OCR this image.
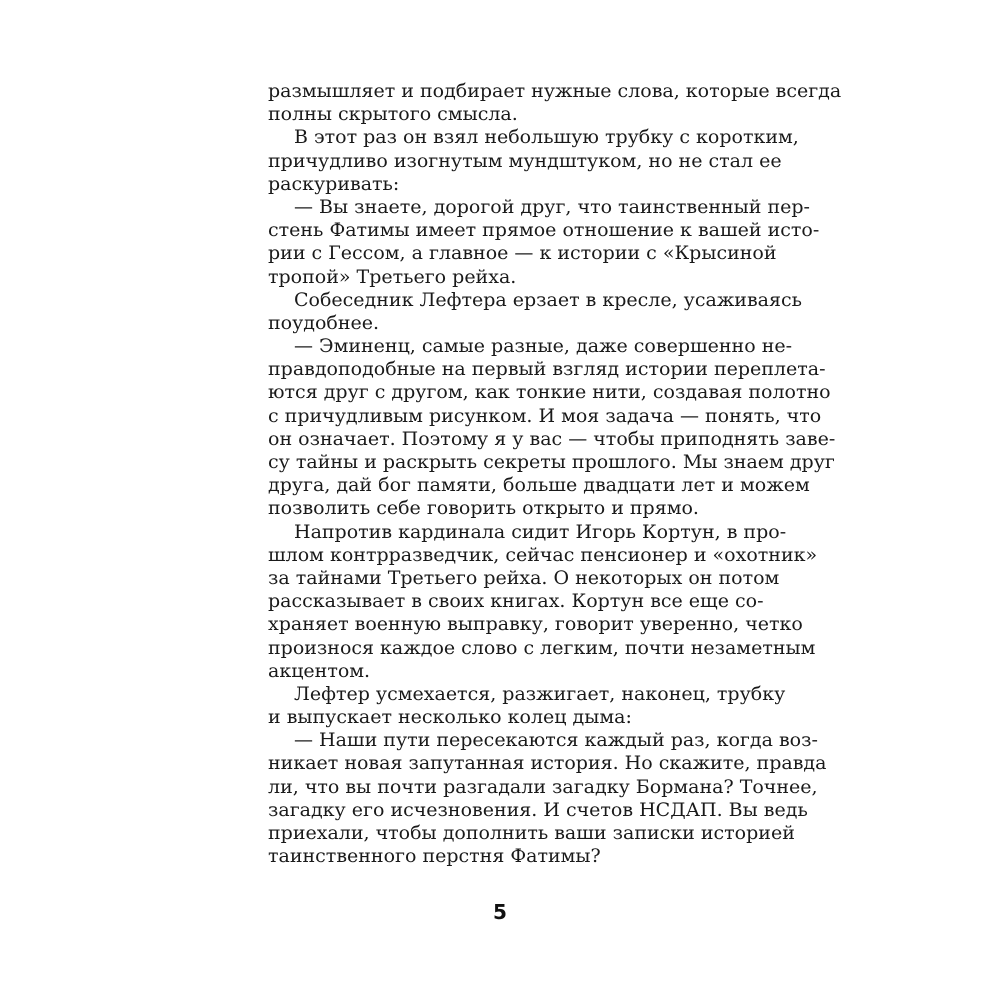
размышляет и подбирает нужные слова, которые всегда
полны скрытого смысла.
В этот раз он взял небольшую трубку с коротким,
причудливо изогнутым мундштуком, но не стал ее
раскуривать:
— Вы знаете, дорогой друг, что таинственный пер-
стень Фатимы имеет прямое отношение к вашей исто-
рии с Гессом, а главное — к истории с «Крысиной
тропой» Третьего рейха.
Собеседник Лефтера ерзает в кресле, усаживаясь
поудобнее.
— Эминенц, самые разные, даже совершенно не-
правдоподобные на первый взгляд истории переплета-
ются друг с другом, как тонкие нити, создавая полотно
с причудливым рисунком. И моя задача — понять, что
он означает. Поэтому я у вас — чтобы приподнять заве-
су тайны и раскрыть секреты прошлого. Мы знаем друг
друга, дай бог памяти, больше двадцати лет и можем
позволить себе говорить открыто и прямо.
Напротив кардинала сидит Игорь Кортун, в про-
шлом контрразведчик, сейчас пенсионер и «охотник»
за тайнами Третьего рейха. О некоторых он потом
рассказывает в своих книгах. Кортун все еще со-
храняет военную выправку, говорит уверенно, четко
произнося каждое слово с легким, почти незаметным
акцентом.
Лефтер усмехается, разжигает, наконец, трубку
и выпускает несколько колец дыма:
— Наши пути пересекаются каждый раз, когда воз-
никает новая запутанная история. Но скажите, правда
ли, что вы почти разгадали загадку Бормана? Точнее,
загадку его исчезновения. И счетов НСДАП. Вы ведь
приехали, чтобы дополнить ваши записки историей
таинственного перстня Фатимы?
5
